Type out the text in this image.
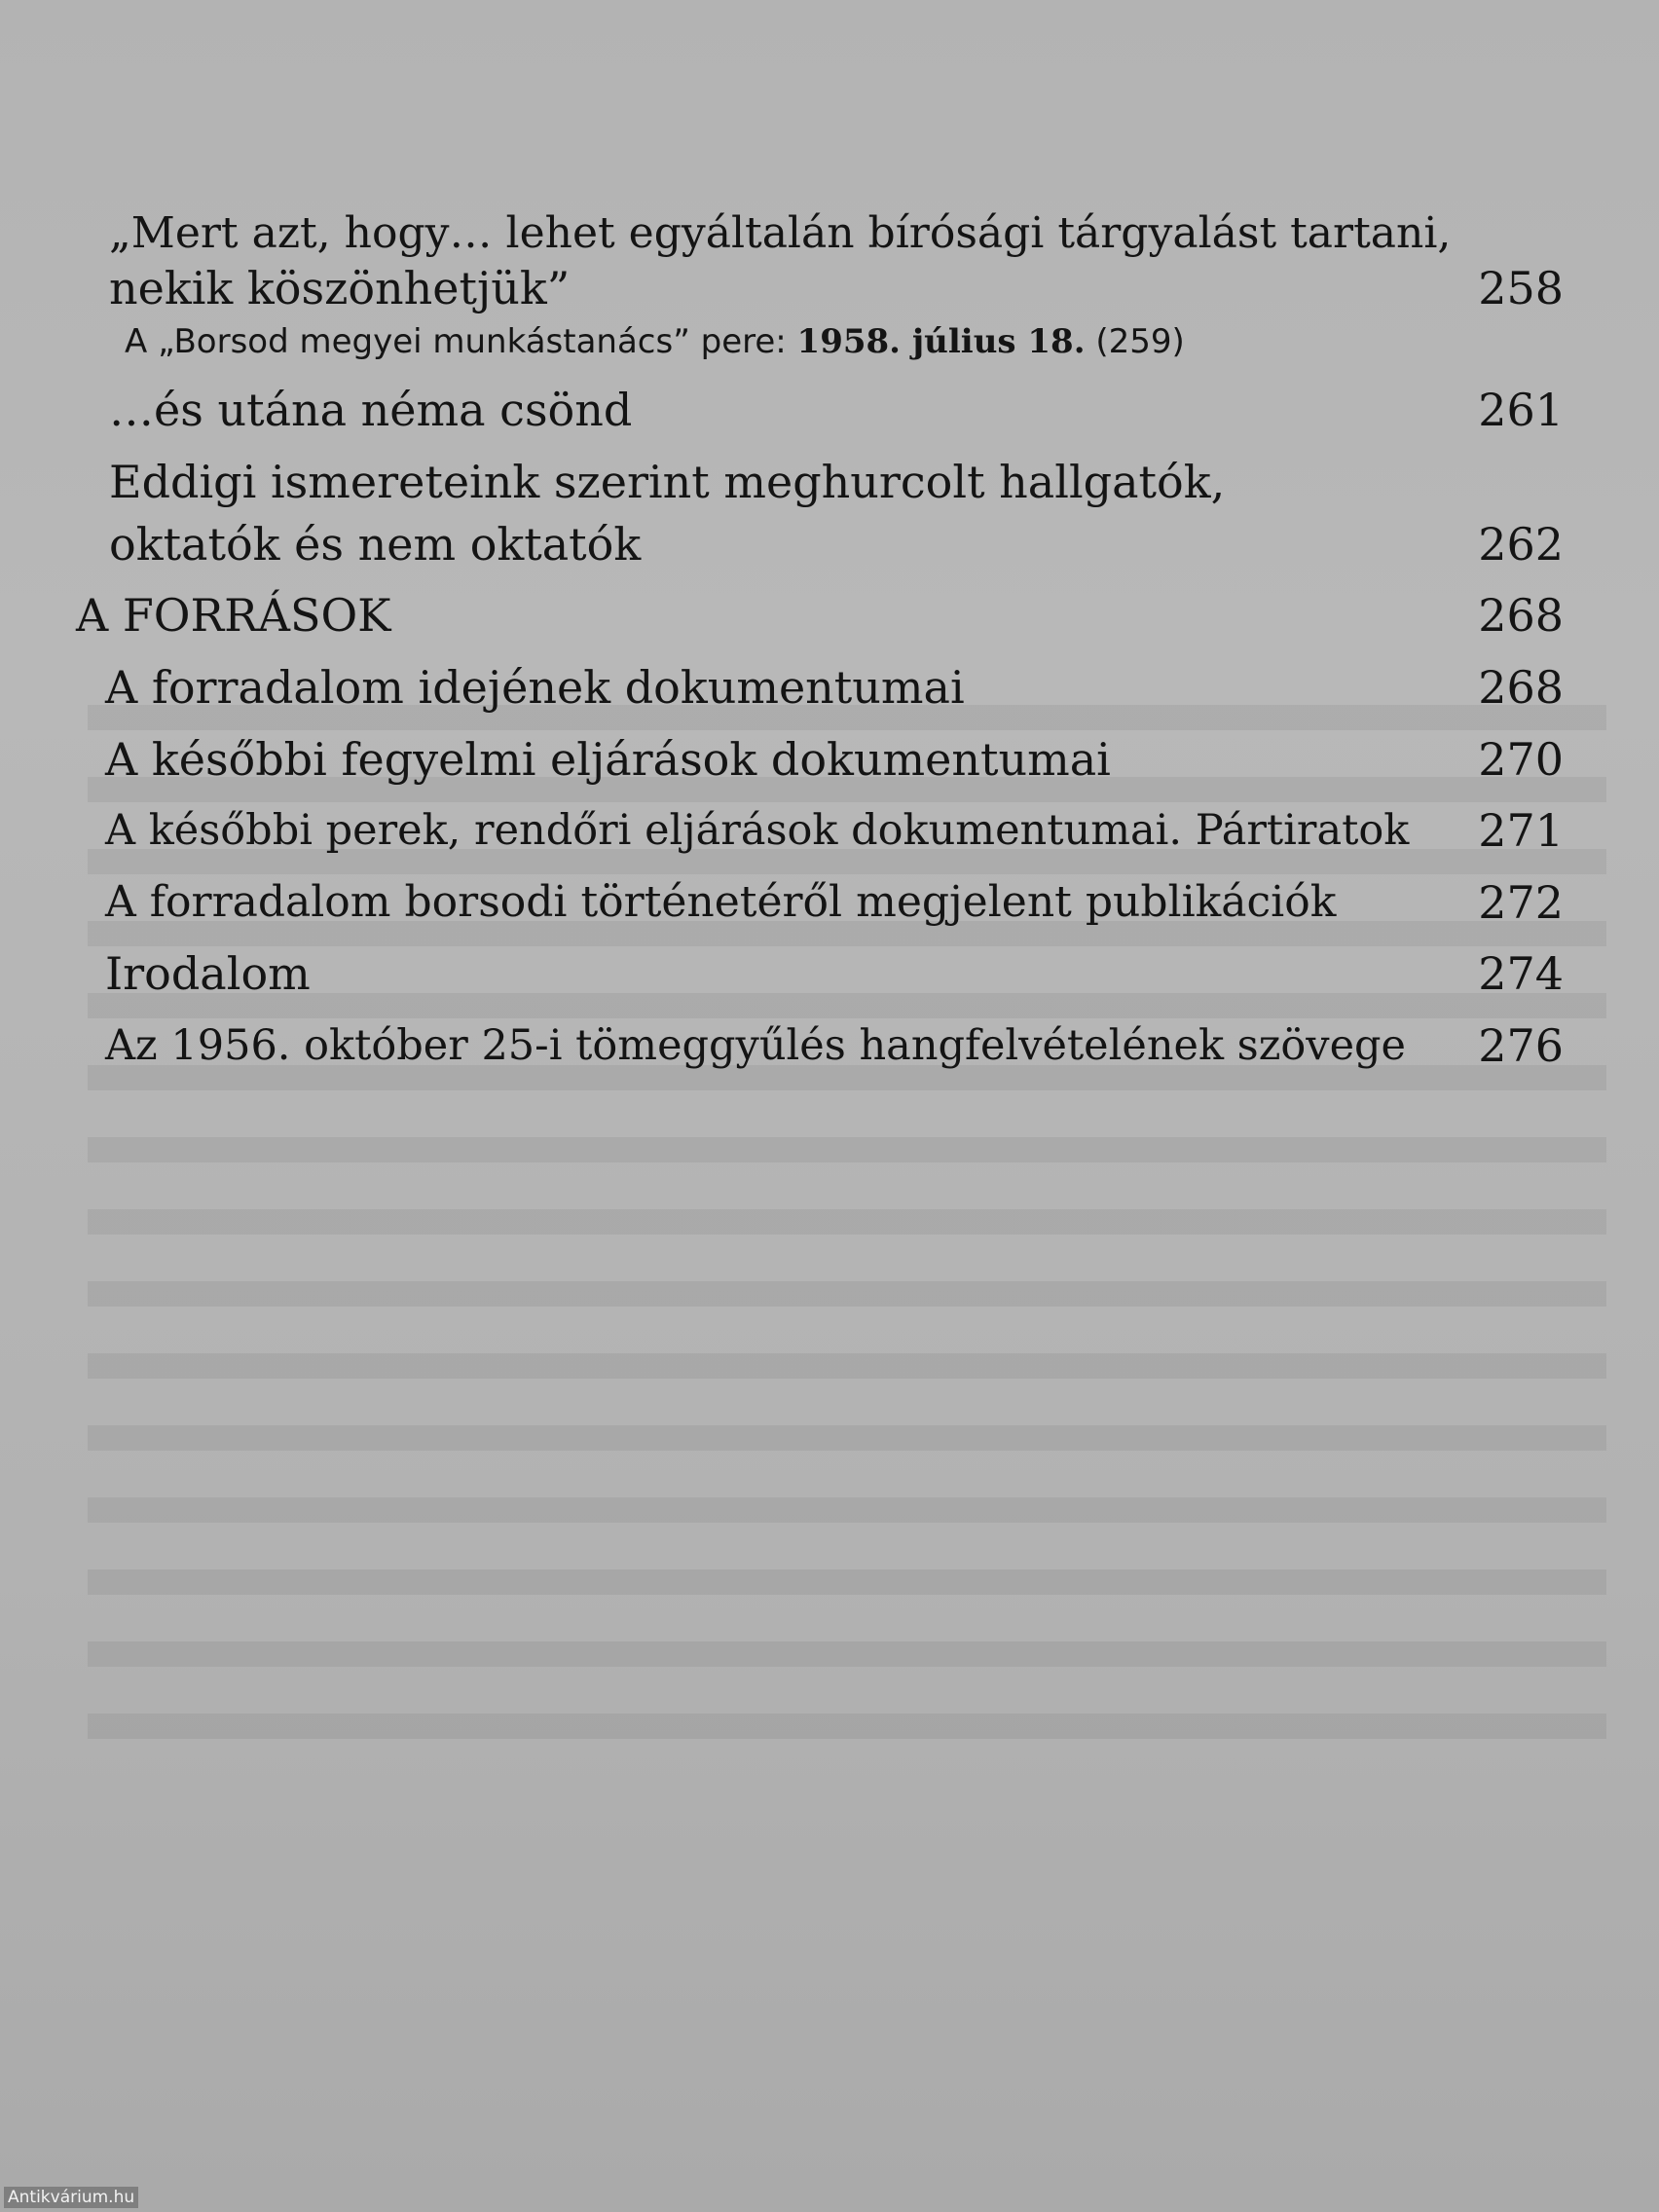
„Mert azt, hogy… lehet egyáltalán bírósági tárgyalást tartani,
nekik köszönhetjük”	258
A „Borsod megyei munkástanács” pere: 1958. július 18. (259)
…és utána néma csönd	261
Eddigi ismereteink szerint meghurcolt hallgatók,
oktatók és nem oktatók	262
A FORRÁSOK	268
A forradalom idejének dokumentumai	268
A későbbi fegyelmi eljárások dokumentumai	270
A későbbi perek, rendőri eljárások dokumentumai. Pártiratok 271
A forradalom borsodi történetéről megjelent publikációk	272
Irodalom	274
Az 1956. október 25-i tömeggyűlés hangfelvételének szövege 276
Antikvárium.hu
